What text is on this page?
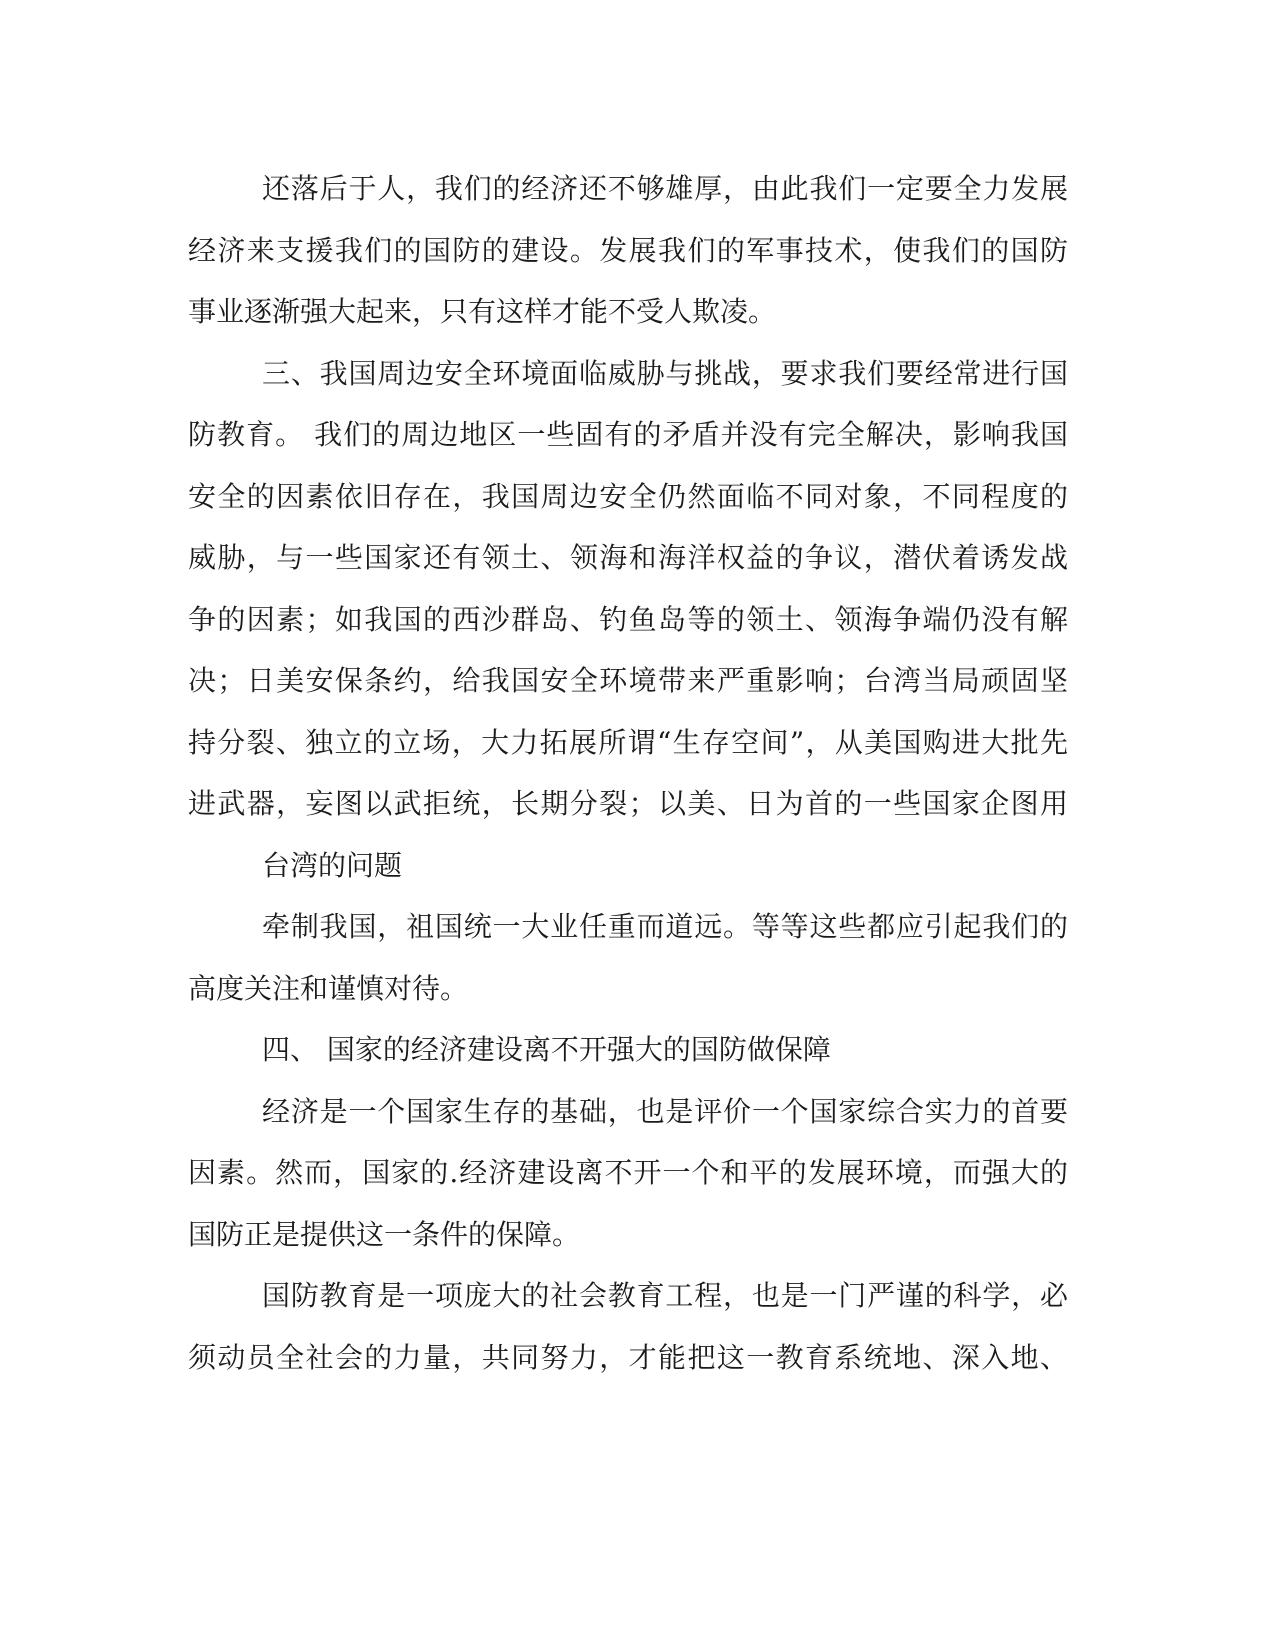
还落后于人，我们的经济还不够雄厚，由此我们一定要全力发展
经济来支援我们的国防的建设。发展我们的军事技术，使我们的国防
事业逐渐强大起来，只有这样才能不受人欺凌。
三、我国周边安全环境面临威胁与挑战，要求我们要经常进行国
防教育。 我们的周边地区一些固有的矛盾并没有完全解决，影响我国
安全的因素依旧存在，我国周边安全仍然面临不同对象，不同程度的
威胁，与一些国家还有领土、领海和海洋权益的争议，潜伏着诱发战
争的因素；如我国的西沙群岛、钓鱼岛等的领土、领海争端仍没有解
决；日美安保条约，给我国安全环境带来严重影响；台湾当局顽固坚
持分裂、独立的立场，大力拓展所谓“生存空间”，从美国购进大批先
进武器，妄图以武拒统，长期分裂；以美、日为首的一些国家企图用
台湾的问题
牵制我国，祖国统一大业任重而道远。等等这些都应引起我们的
高度关注和谨慎对待。
四、 国家的经济建设离不开强大的国防做保障
经济是一个国家生存的基础，也是评价一个国家综合实力的首要
因素。然而，国家的.经济建设离不开一个和平的发展环境，而强大的
国防正是提供这一条件的保障。
国防教育是一项庞大的社会教育工程，也是一门严谨的科学，必
须动员全社会的力量，共同努力，才能把这一教育系统地、深入地、
